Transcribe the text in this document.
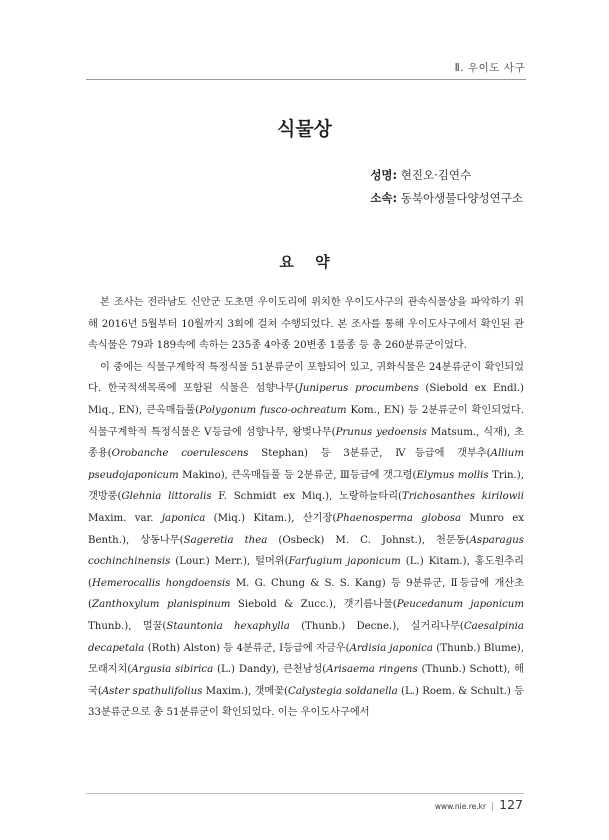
Ⅱ. 우이도 사구
식물상
성명: 현진오·김연수
소속: 동북아생물다양성연구소
요 약

본 조사는 전라남도 신안군 도초면 우이도리에 위치한 우이도사구의 관속식물상을 파악하기 위해 2016년 5월부터 10월까지 3회에 걸쳐 수행되었다. 본 조사를 통해 우이도사구에서 확인된 관속식물은 79과 189속에 속하는 235종 4아종 20변종 1품종 등 총 260분류군이었다.

이 중에는 식물구계학적 특정식물 51분류군이 포함되어 있고, 귀화식물은 24분류군이 확인되었다. 한국적색목록에 포함된 식물은 섬향나무(Juniperus procumbens (Siebold ex Endl.) Miq., EN), 큰옥매듭풀(Polygonum fusco-ochreatum Kom., EN) 등 2분류군이 확인되었다. 식물구계학적 특정식물은 Ⅴ등급에 섬향나무, 왕벚나무(Prunus yedoensis Matsum., 식재), 초종용(Orobanche coerulescens Stephan) 등 3분류군, Ⅳ등급에 갯부추(Allium pseudojaponicum Makino), 큰옥매듭풀 등 2분류군, Ⅲ등급에 갯그령(Elymus mollis Trin.), 갯방풍(Glehnia littoralis F. Schmidt ex Miq.), 노랑하늘타리(Trichosanthes kirilowii Maxim. var. japonica (Miq.) Kitam.), 산기장(Phaenosperma globosa Munro ex Benth.), 상동나무(Sageretia thea (Osbeck) M. C. Johnst.), 천문동(Asparagus cochinchinensis (Lour.) Merr.), 털머위(Farfugium japonicum (L.) Kitam.), 홍도원추리(Hemerocallis hongdoensis M. G. Chung & S. S. Kang) 등 9분류군, Ⅱ등급에 개산초(Zanthoxylum planispinum Siebold & Zucc.), 갯기름나물(Peucedanum japonicum Thunb.), 멀꿀(Stauntonia hexaphylla (Thunb.) Decne.), 실거리나무(Caesalpinia decapetala (Roth) Alston) 등 4분류군, Ⅰ등급에 자금우(Ardisia japonica (Thunb.) Blume), 모래지치(Argusia sibirica (L.) Dandy), 큰천남성(Arisaema ringens (Thunb.) Schott), 해국(Aster spathulifolius Maxim.), 갯메꽃(Calystegia soldanella (L.) Roem. & Schult.) 등 33분류군으로 총 51분류군이 확인되었다. 이는 우이도사구에서

www.nie.re.kr | 127
